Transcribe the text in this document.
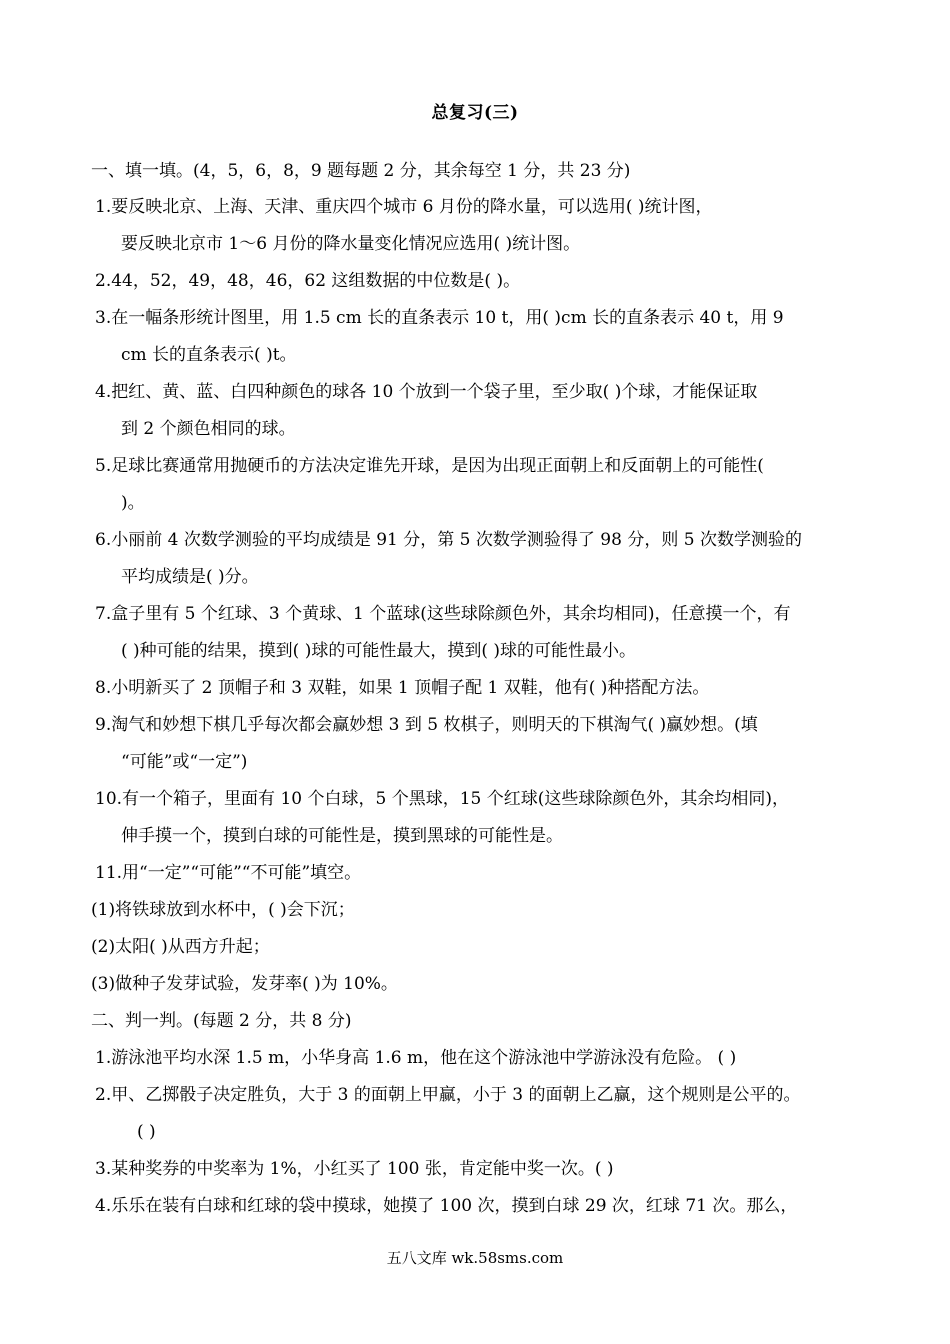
总复习(三)
一、填一填。(4，5，6，8，9 题每题 2 分，其余每空 1 分，共 23 分)
1.要反映北京、上海、天津、重庆四个城市 6 月份的降水量，可以选用( )统计图，
要反映北京市 1～6 月份的降水量变化情况应选用( )统计图。
2.44，52，49，48，46，62 这组数据的中位数是( )。
3.在一幅条形统计图里，用 1.5 cm 长的直条表示 10 t，用( )cm 长的直条表示 40 t，用 9
cm 长的直条表示( )t。
4.把红、黄、蓝、白四种颜色的球各 10 个放到一个袋子里，至少取( )个球，才能保证取
到 2 个颜色相同的球。
5.足球比赛通常用抛硬币的方法决定谁先开球，是因为出现正面朝上和反面朝上的可能性(
)。
6.小丽前 4 次数学测验的平均成绩是 91 分，第 5 次数学测验得了 98 分，则 5 次数学测验的
平均成绩是( )分。
7.盒子里有 5 个红球、3 个黄球、1 个蓝球(这些球除颜色外，其余均相同)，任意摸一个，有
( )种可能的结果，摸到( )球的可能性最大，摸到( )球的可能性最小。
8.小明新买了 2 顶帽子和 3 双鞋，如果 1 顶帽子配 1 双鞋，他有( )种搭配方法。
9.淘气和妙想下棋几乎每次都会赢妙想 3 到 5 枚棋子，则明天的下棋淘气( )赢妙想。(填
“可能”或“一定”)
10.有一个箱子，里面有 10 个白球，5 个黑球，15 个红球(这些球除颜色外，其余均相同)，
伸手摸一个，摸到白球的可能性是，摸到黑球的可能性是。
11.用“一定”“可能”“不可能”填空。
(1)将铁球放到水杯中，( )会下沉；
(2)太阳( )从西方升起；
(3)做种子发芽试验，发芽率( )为 10%。
二、判一判。(每题 2 分，共 8 分)
1.游泳池平均水深 1.5 m，小华身高 1.6 m，他在这个游泳池中学游泳没有危险。 ( )
2.甲、乙掷骰子决定胜负，大于 3 的面朝上甲赢，小于 3 的面朝上乙赢，这个规则是公平的。
( )
3.某种奖券的中奖率为 1%，小红买了 100 张，肯定能中奖一次。( )
4.乐乐在装有白球和红球的袋中摸球，她摸了 100 次，摸到白球 29 次，红球 71 次。那么，
五八文库 wk.58sms.com
